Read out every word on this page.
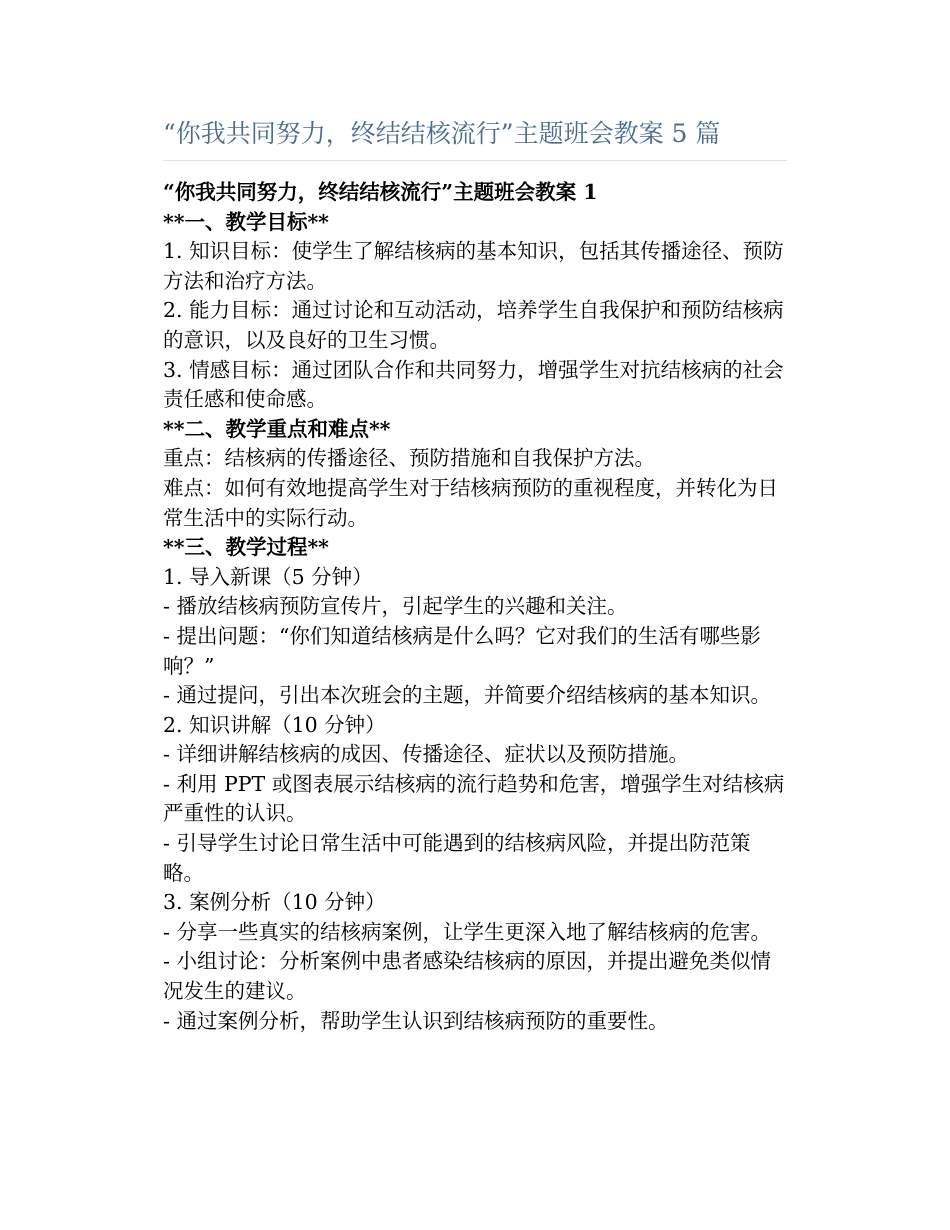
“你我共同努力，终结结核流行”主题班会教案 5 篇

“你我共同努力，终结结核流行”主题班会教案 1

**一、教学目标**

1. 知识目标：使学生了解结核病的基本知识，包括其传播途径、预防方法和治疗方法。

2. 能力目标：通过讨论和互动活动，培养学生自我保护和预防结核病的意识，以及良好的卫生习惯。

3. 情感目标：通过团队合作和共同努力，增强学生对抗结核病的社会责任感和使命感。

**二、教学重点和难点**

重点：结核病的传播途径、预防措施和自我保护方法。

难点：如何有效地提高学生对于结核病预防的重视程度，并转化为日常生活中的实际行动。

**三、教学过程**

1. 导入新课（5 分钟）

- 播放结核病预防宣传片，引起学生的兴趣和关注。

- 提出问题：“你们知道结核病是什么吗？它对我们的生活有哪些影响？”

- 通过提问，引出本次班会的主题，并简要介绍结核病的基本知识。

2. 知识讲解（10 分钟）

- 详细讲解结核病的成因、传播途径、症状以及预防措施。

- 利用 PPT 或图表展示结核病的流行趋势和危害，增强学生对结核病严重性的认识。

- 引导学生讨论日常生活中可能遇到的结核病风险，并提出防范策略。

3. 案例分析（10 分钟）

- 分享一些真实的结核病案例，让学生更深入地了解结核病的危害。

- 小组讨论：分析案例中患者感染结核病的原因，并提出避免类似情况发生的建议。

- 通过案例分析，帮助学生认识到结核病预防的重要性。
